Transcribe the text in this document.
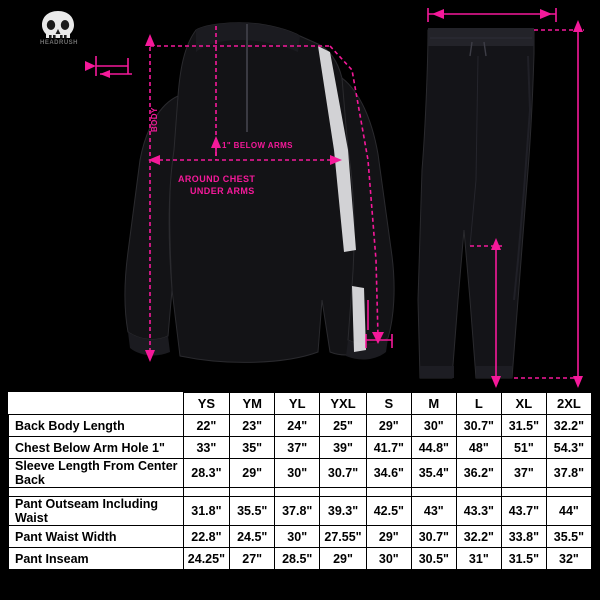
HEADRUSH
BODY
1" BELOW ARMS
AROUND CHEST
UNDER ARMS
	YS	YM	YL	YXL	S	M	L	XL	2XL
Back Body Length	22"	23"	24"	25"	29"	30"	30.7"	31.5"	32.2"
Chest Below Arm Hole 1"	33"	35"	37"	39"	41.7"	44.8"	48"	51"	54.3"
Sleeve Length From Center Back	28.3"	29"	30"	30.7"	34.6"	35.4"	36.2"	37"	37.8"

Pant Outseam Including Waist	31.8"	35.5"	37.8"	39.3"	42.5"	43"	43.3"	43.7"	44"
Pant Waist Width	22.8"	24.5"	30"	27.55"	29"	30.7"	32.2"	33.8"	35.5"
Pant Inseam	24.25"	27"	28.5"	29"	30"	30.5"	31"	31.5"	32"
